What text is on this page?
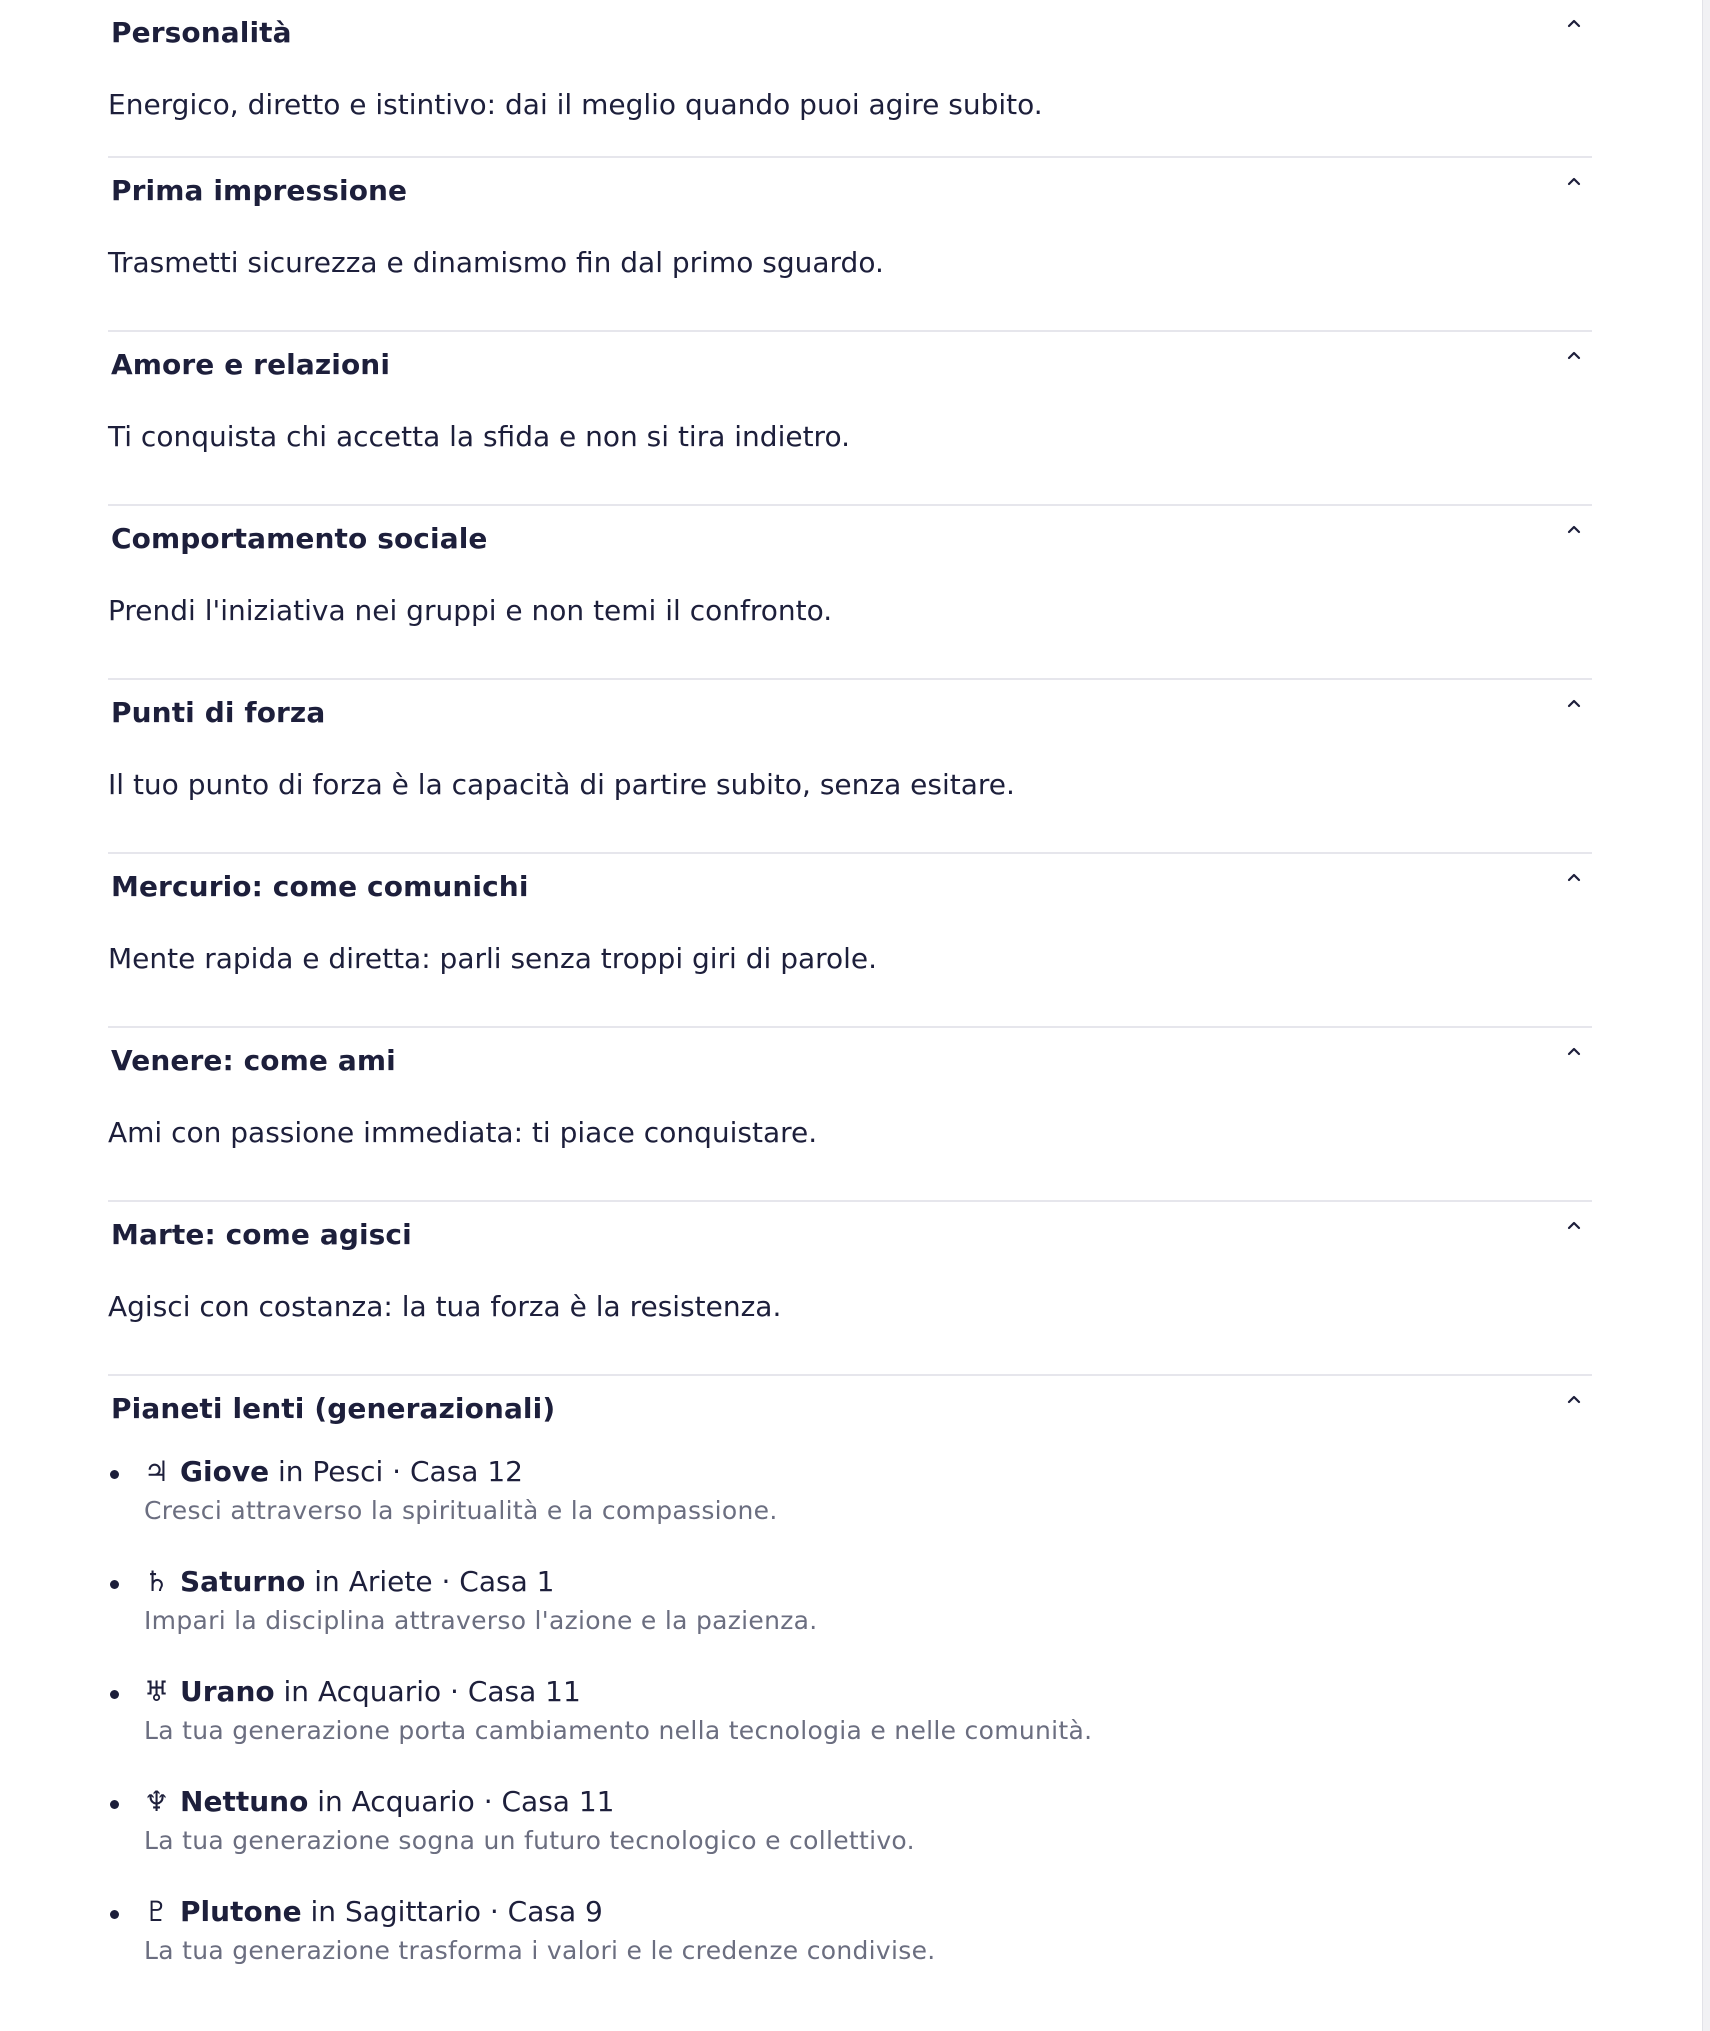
Personalità
Energico, diretto e istintivo: dai il meglio quando puoi agire subito.
Prima impressione
Trasmetti sicurezza e dinamismo fin dal primo sguardo.
Amore e relazioni
Ti conquista chi accetta la sfida e non si tira indietro.
Comportamento sociale
Prendi l'iniziativa nei gruppi e non temi il confronto.
Punti di forza
Il tuo punto di forza è la capacità di partire subito, senza esitare.
Mercurio: come comunichi
Mente rapida e diretta: parli senza troppi giri di parole.
Venere: come ami
Ami con passione immediata: ti piace conquistare.
Marte: come agisci
Agisci con costanza: la tua forza è la resistenza.
Pianeti lenti (generazionali)
♃ Giove in Pesci · Casa 12
Cresci attraverso la spiritualità e la compassione.
♄ Saturno in Ariete · Casa 1
Impari la disciplina attraverso l'azione e la pazienza.
♅ Urano in Acquario · Casa 11
La tua generazione porta cambiamento nella tecnologia e nelle comunità.
♆ Nettuno in Acquario · Casa 11
La tua generazione sogna un futuro tecnologico e collettivo.
♇ Plutone in Sagittario · Casa 9
La tua generazione trasforma i valori e le credenze condivise.
